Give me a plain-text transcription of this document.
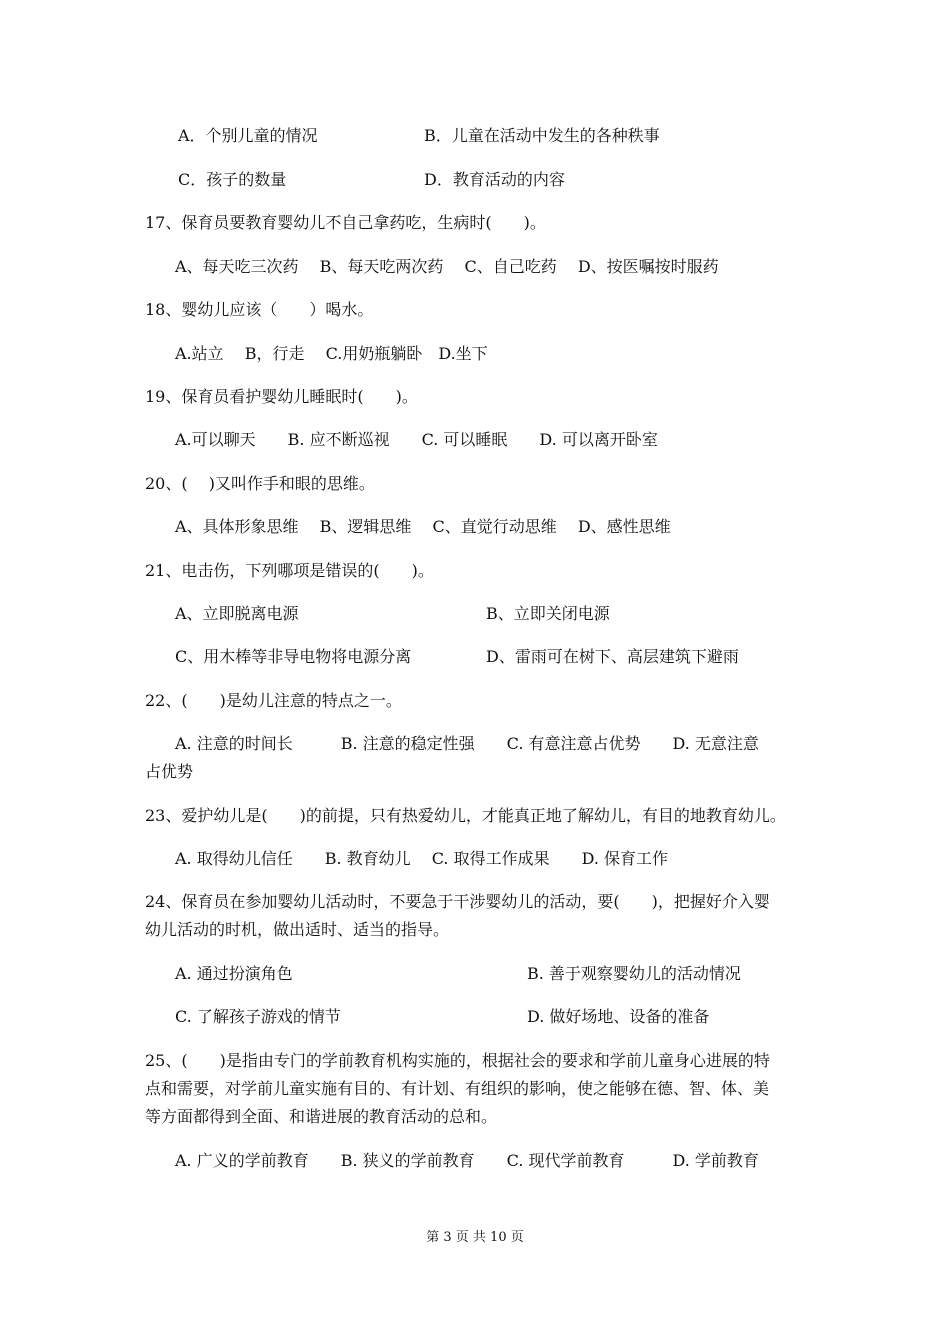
A．个别儿童的情况	B．儿童在活动中发生的各种秩事
C．孩子的数量	D．教育活动的内容
17、保育员要教育婴幼儿不自己拿药吃，生病时(　　)。
A、每天吃三次药　 B、每天吃两次药　 C、自己吃药　 D、按医嘱按时服药
18、婴幼儿应该（　　）喝水。
A.站立　 B，行走　 C.用奶瓶躺卧　D.坐下
19、保育员看护婴幼儿睡眠时(　　)。
A.可以聊天　　B. 应不断巡视　　C. 可以睡眠　　D. 可以离开卧室
20、(　 )又叫作手和眼的思维。
A、具体形象思维　 B、逻辑思维　 C、直觉行动思维　 D、感性思维
21、电击伤，下列哪项是错误的(　　)。
A、立即脱离电源	B、立即关闭电源
C、用木棒等非导电物将电源分离	D、雷雨可在树下、高层建筑下避雨
22、(　　)是幼儿注意的特点之一。
A. 注意的时间长　　　B. 注意的稳定性强　　C. 有意注意占优势　　D. 无意注意
占优势
23、爱护幼儿是(　　)的前提，只有热爱幼儿，才能真正地了解幼儿，有目的地教育幼儿。
A. 取得幼儿信任　　B. 教育幼儿　 C. 取得工作成果　　D. 保育工作
24、保育员在参加婴幼儿活动时，不要急于干涉婴幼儿的活动，要(　　)，把握好介入婴
幼儿活动的时机，做出适时、适当的指导。
A. 通过扮演角色	B. 善于观察婴幼儿的活动情况
C. 了解孩子游戏的情节	D. 做好场地、设备的准备
25、(　　)是指由专门的学前教育机构实施的，根据社会的要求和学前儿童身心进展的特
点和需要，对学前儿童实施有目的、有计划、有组织的影响，使之能够在德、智、体、美
等方面都得到全面、和谐进展的教育活动的总和。
A. 广义的学前教育　　B. 狭义的学前教育　　C. 现代学前教育　　　D. 学前教育
第 3 页 共 10 页
